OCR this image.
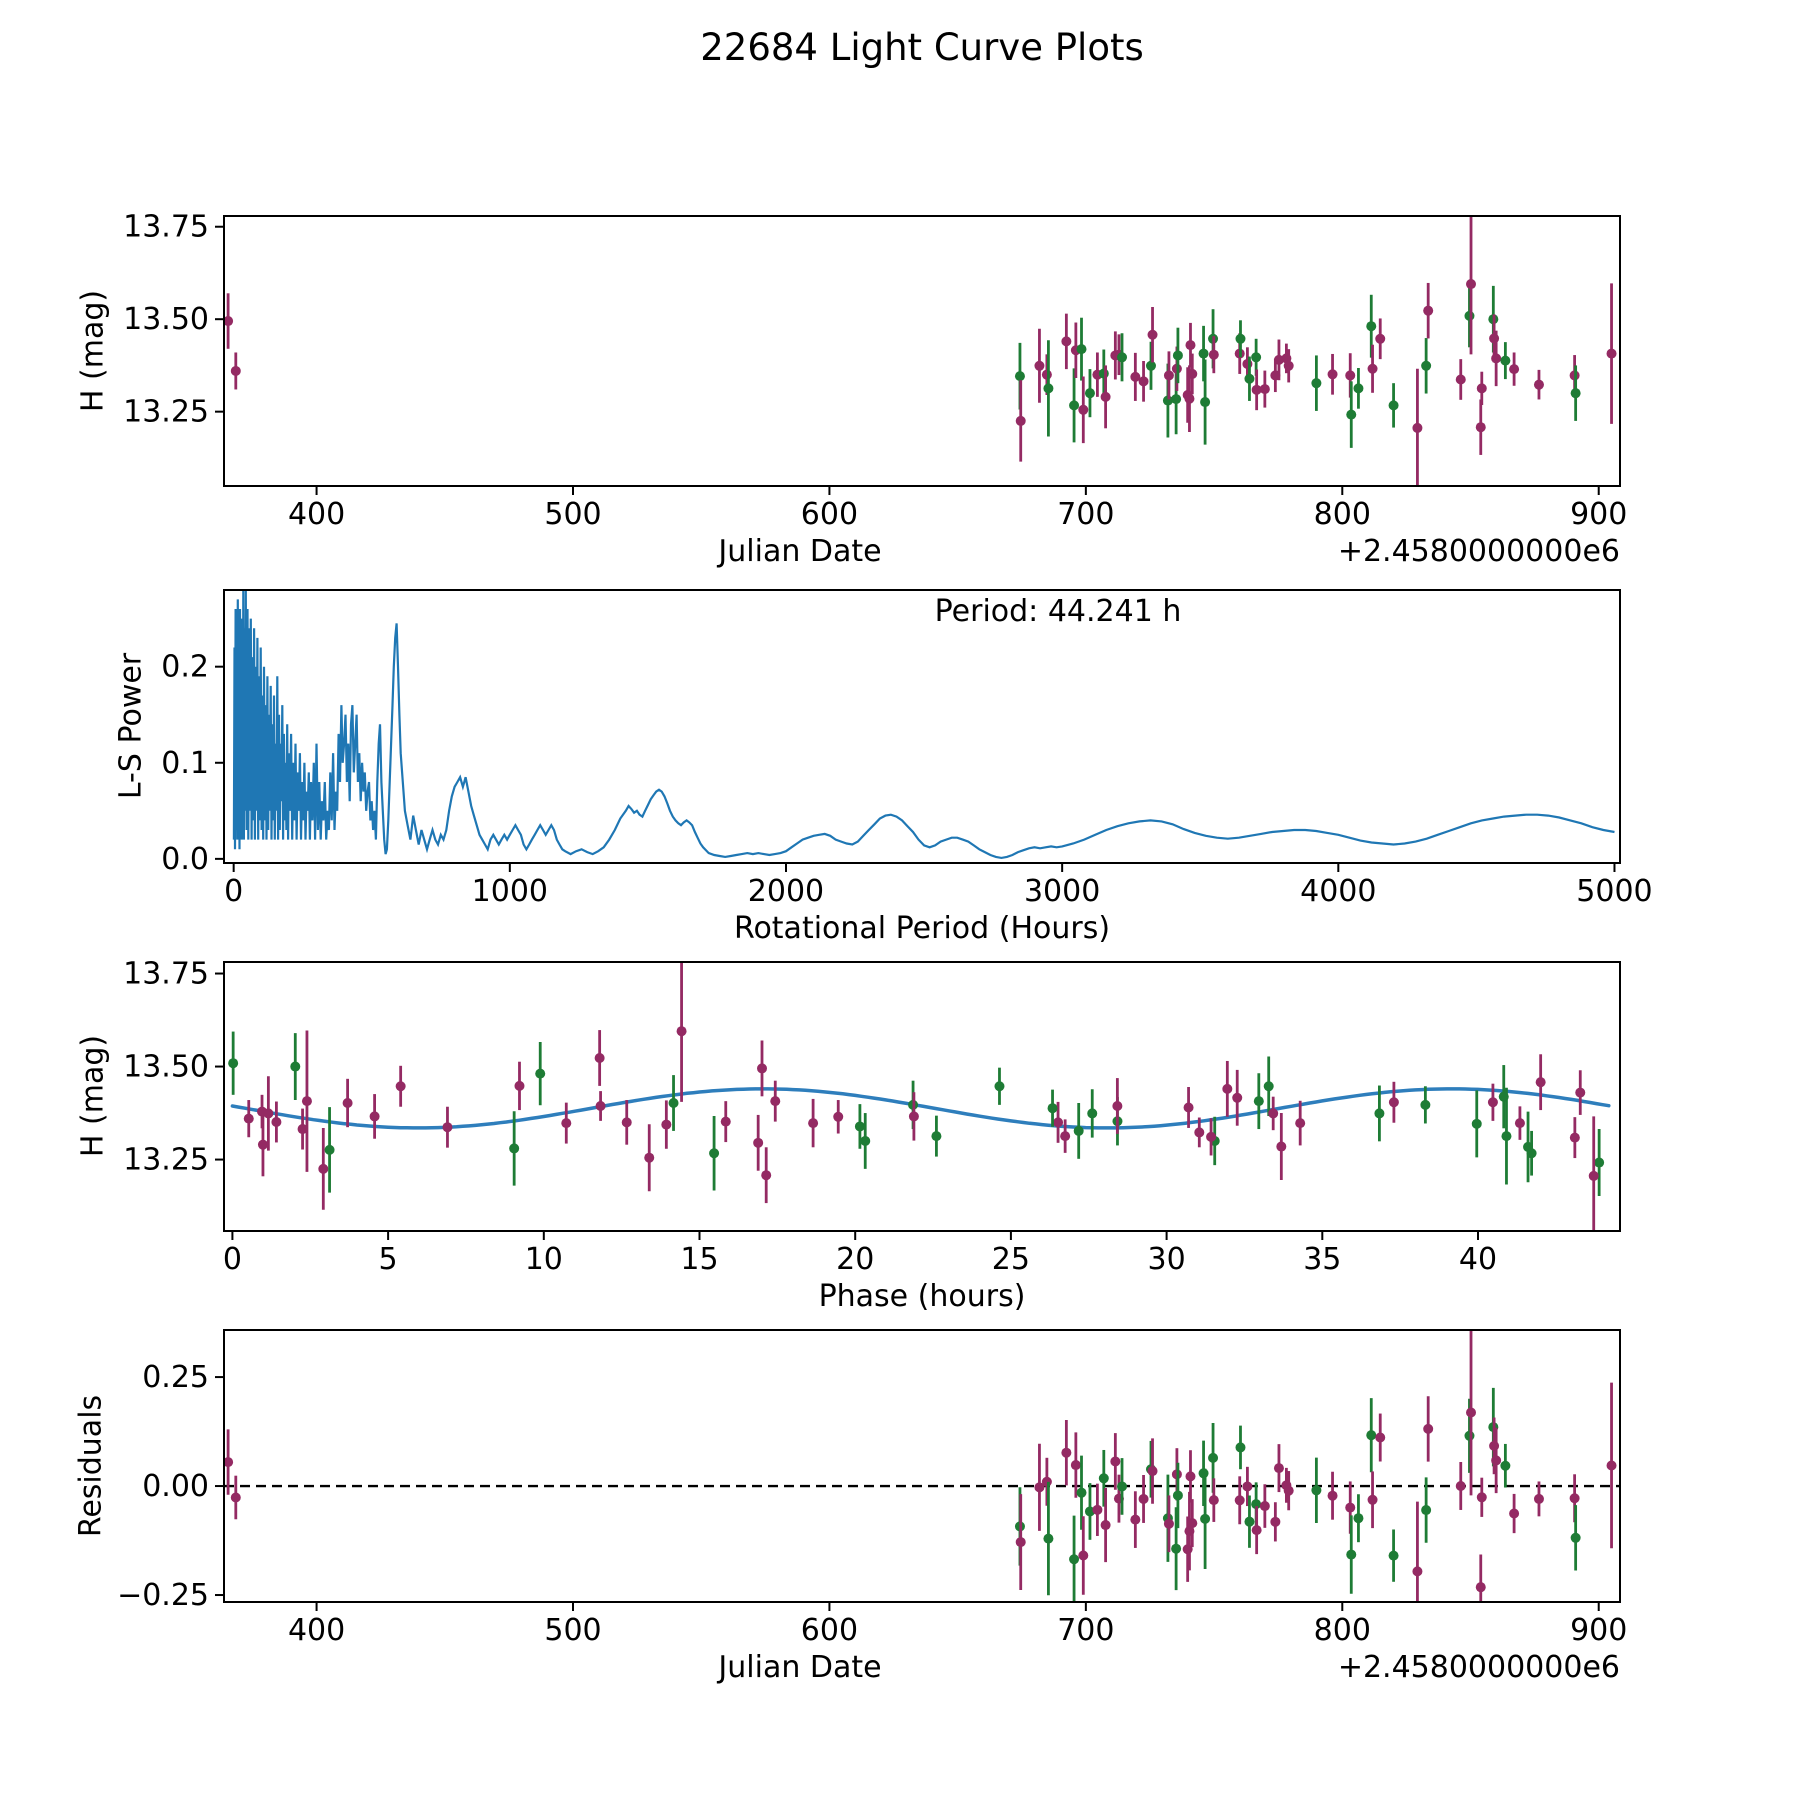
22684 Light Curve Plots
H (mag)
Julian Date	+2.4580000000e6
L-S Power
Period: 44.241 h
Rotational Period (Hours)
H (mag)
Phase (hours)
Residuals
Julian Date	+2.4580000000e6
400	500	600	700	800	900
13.25
13.50
13.75
0	1000	2000	3000	4000	5000
0.0
0.1
0.2
0	5	10	15	20	25	30	35	40
13.25
13.50
13.75
400	500	600	700	800	900
−0.25
0.00
0.25
